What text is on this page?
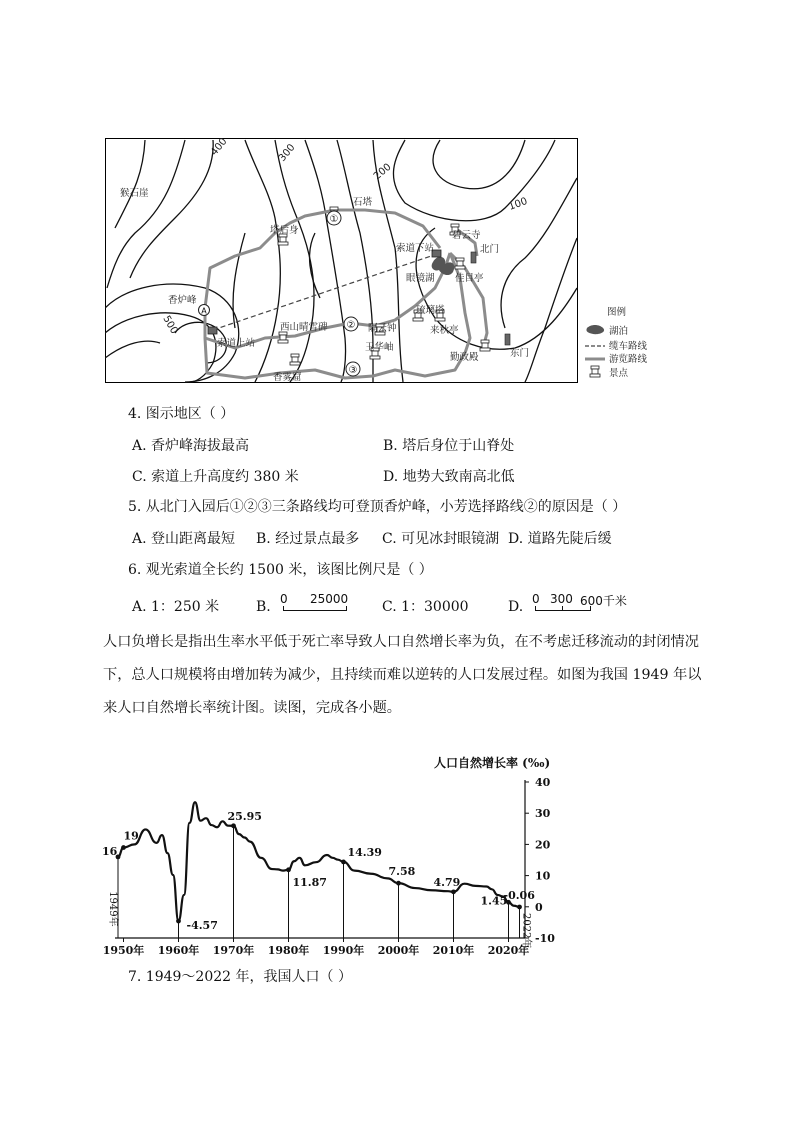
400	300
200
100
500
①
②
③
A
猴石崖
石塔
塔后身	碧云寺
索道下站	北门
眼镜湖 佳目亭
香炉峰
西山晴雪碑	隔云钟
琉璃塔
来秋亭
索道上站	玉华岫
勤政殿	东门
香雾窟
图例
湖泊
缆车路线
游览路线
景点
4. 图示地区（ ）
A. 香炉峰海拔最高	B. 塔后身位于山脊处
C. 索道上升高度约 380 米	D. 地势大致南高北低
5. 从北门入园后①②③三条路线均可登顶香炉峰，小芳选择路线②的原因是（ ）
A. 登山距离最短 B. 经过景点最多 C. 可见冰封眼镜湖 D. 道路先陡后缓
6. 观光索道全长约 1500 米，该图比例尺是（ ）
A. 1：250 米	B. 0 25000 C. 1：30000	D. 0 300 600千米
人口负增长是指出生率水平低于死亡率导致人口自然增长率为负，在不考虑迁移流动的封闭情况下，总人口规模将由增加转为减少，且持续而难以逆转的人口发展过程。如图为我国 1949 年以来人口自然增长率统计图。读图，完成各小题。
人口自然增长率 (‰)
16
19
-4.57
25.95
11.87
14.39
7.58
4.79
1.45
-0.06
1949年
2022年
40
30
20
10
0
-10
1950年 1960年 1970年 1980年 1990年 2000年 2010年 2020年
7. 1949～2022 年，我国人口（ ）
